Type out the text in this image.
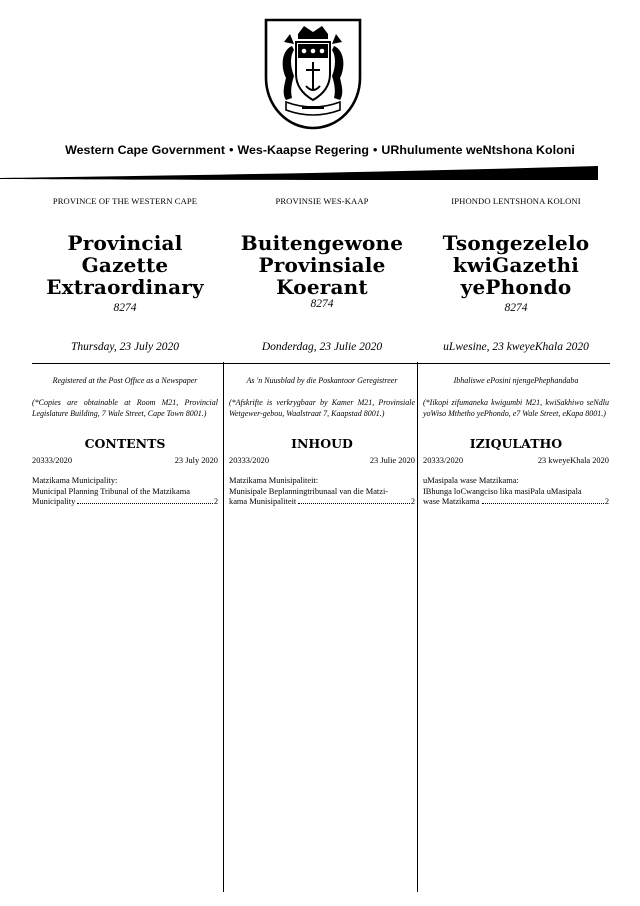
Western Cape Government • Wes-Kaapse Regering • URhulumente weNtshona Koloni
PROVINCE OF THE WESTERN CAPE
Provincial Gazette
Extraordinary
8274
Thursday, 23 July 2020
Registered at the Post Offıce as a Newspaper
(*Copies are obtainable at Room M21, Provincial Legislature Building, 7 Wale Street, Cape Town 8001.)
CONTENTS
20333/2020	23 July 2020
Matzikama Municipality:
Municipal Planning Tribunal of the Matzikama
Municipality	2
PROVINSIE WES-KAAP
Buitengewone
Provinsiale Koerant
8274
Donderdag, 23 Julie 2020
As 'n Nuusblad by die Poskantoor Geregistreer
(*Afskrifte is verkrygbaar by Kamer M21, Provinsiale Wetgewer-gebou, Waalstraat 7, Kaapstad 8001.)
INHOUD
20333/2020	23 Julie 2020
Matzikama Munisipaliteit:
Munisipale Beplanningtribunaal van die Matzi-
kama Munisipaliteit	2
IPHONDO LENTSHONA KOLONI
Tsongezelelo
kwiGazethi yePhondo
8274
uLwesine, 23 kweyeKhala 2020
Ibhaliswe ePosini njengePhephandaba
(*Iikopi zifumaneka kwigumbi M21, kwiSakhiwo seNdlu yoWiso Mthetho yePhondo, e7 Wale Street, eKapa 8001.)
IZIQULATHO
20333/2020	23 kweyeKhala 2020
uMasipala wase Matzikama:
IBhunga loCwangciso lika masiPala uMasipala
wase Matzikama	2
